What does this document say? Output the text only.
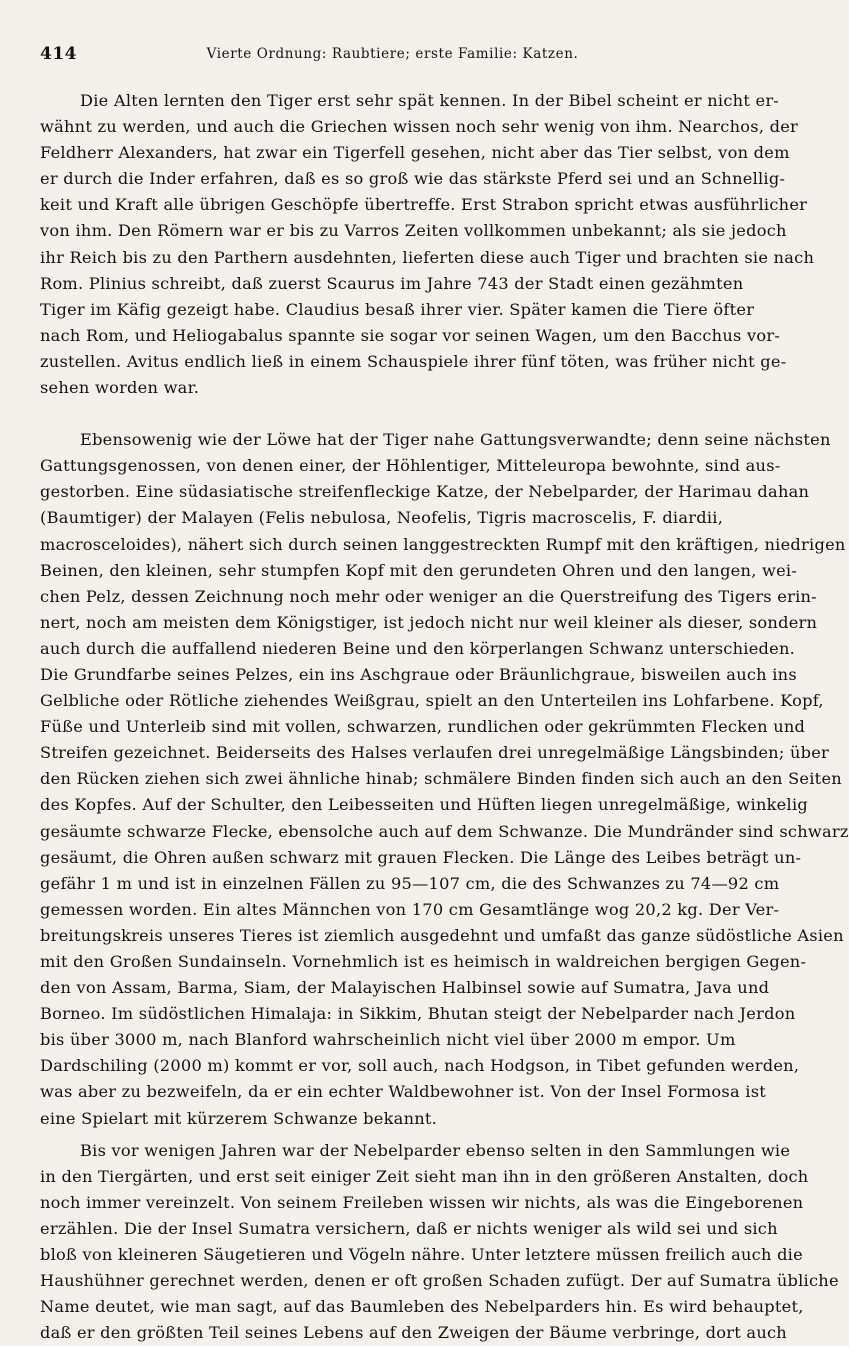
414	Vierte Ordnung: Raubtiere; erste Familie: Katzen.
Die Alten lernten den Tiger erst sehr spät kennen. In der Bibel scheint er nicht er-
wähnt zu werden, und auch die Griechen wissen noch sehr wenig von ihm. Nearchos, der
Feldherr Alexanders, hat zwar ein Tigerfell gesehen, nicht aber das Tier selbst, von dem
er durch die Inder erfahren, daß es so groß wie das stärkste Pferd sei und an Schnellig-
keit und Kraft alle übrigen Geschöpfe übertreffe. Erst Strabon spricht etwas ausführlicher
von ihm. Den Römern war er bis zu Varros Zeiten vollkommen unbekannt; als sie jedoch
ihr Reich bis zu den Parthern ausdehnten, lieferten diese auch Tiger und brachten sie nach
Rom. Plinius schreibt, daß zuerst Scaurus im Jahre 743 der Stadt einen gezähmten
Tiger im Käfig gezeigt habe. Claudius besaß ihrer vier. Später kamen die Tiere öfter
nach Rom, und Heliogabalus spannte sie sogar vor seinen Wagen, um den Bacchus vor-
zustellen. Avitus endlich ließ in einem Schauspiele ihrer fünf töten, was früher nicht ge-
sehen worden war.
Ebensowenig wie der Löwe hat der Tiger nahe Gattungsverwandte; denn seine nächsten
Gattungsgenossen, von denen einer, der Höhlentiger, Mitteleuropa bewohnte, sind aus-
gestorben. Eine südasiatische streifenfleckige Katze, der Nebelparder, der Harimau dahan
(Baumtiger) der Malayen (Felis nebulosa, Neofelis, Tigris macroscelis, F. diardii,
macrosceloides), nähert sich durch seinen langgestreckten Rumpf mit den kräftigen, niedrigen
Beinen, den kleinen, sehr stumpfen Kopf mit den gerundeten Ohren und den langen, wei-
chen Pelz, dessen Zeichnung noch mehr oder weniger an die Querstreifung des Tigers erin-
nert, noch am meisten dem Königstiger, ist jedoch nicht nur weil kleiner als dieser, sondern
auch durch die auffallend niederen Beine und den körperlangen Schwanz unterschieden.
Die Grundfarbe seines Pelzes, ein ins Aschgraue oder Bräunlichgraue, bisweilen auch ins
Gelbliche oder Rötliche ziehendes Weißgrau, spielt an den Unterteilen ins Lohfarbene. Kopf,
Füße und Unterleib sind mit vollen, schwarzen, rundlichen oder gekrümmten Flecken und
Streifen gezeichnet. Beiderseits des Halses verlaufen drei unregelmäßige Längsbinden; über
den Rücken ziehen sich zwei ähnliche hinab; schmälere Binden finden sich auch an den Seiten
des Kopfes. Auf der Schulter, den Leibesseiten und Hüften liegen unregelmäßige, winkelig
gesäumte schwarze Flecke, ebensolche auch auf dem Schwanze. Die Mundränder sind schwarz
gesäumt, die Ohren außen schwarz mit grauen Flecken. Die Länge des Leibes beträgt un-
gefähr 1 m und ist in einzelnen Fällen zu 95—107 cm, die des Schwanzes zu 74—92 cm
gemessen worden. Ein altes Männchen von 170 cm Gesamtlänge wog 20,2 kg. Der Ver-
breitungskreis unseres Tieres ist ziemlich ausgedehnt und umfaßt das ganze südöstliche Asien
mit den Großen Sundainseln. Vornehmlich ist es heimisch in waldreichen bergigen Gegen-
den von Assam, Barma, Siam, der Malayischen Halbinsel sowie auf Sumatra, Java und
Borneo. Im südöstlichen Himalaja: in Sikkim, Bhutan steigt der Nebelparder nach Jerdon
bis über 3000 m, nach Blanford wahrscheinlich nicht viel über 2000 m empor. Um
Dardschiling (2000 m) kommt er vor, soll auch, nach Hodgson, in Tibet gefunden werden,
was aber zu bezweifeln, da er ein echter Waldbewohner ist. Von der Insel Formosa ist
eine Spielart mit kürzerem Schwanze bekannt.
Bis vor wenigen Jahren war der Nebelparder ebenso selten in den Sammlungen wie
in den Tiergärten, und erst seit einiger Zeit sieht man ihn in den größeren Anstalten, doch
noch immer vereinzelt. Von seinem Freileben wissen wir nichts, als was die Eingeborenen
erzählen. Die der Insel Sumatra versichern, daß er nichts weniger als wild sei und sich
bloß von kleineren Säugetieren und Vögeln nähre. Unter letztere müssen freilich auch die
Haushühner gerechnet werden, denen er oft großen Schaden zufügt. Der auf Sumatra übliche
Name deutet, wie man sagt, auf das Baumleben des Nebelparders hin. Es wird behauptet,
daß er den größten Teil seines Lebens auf den Zweigen der Bäume verbringe, dort auch
